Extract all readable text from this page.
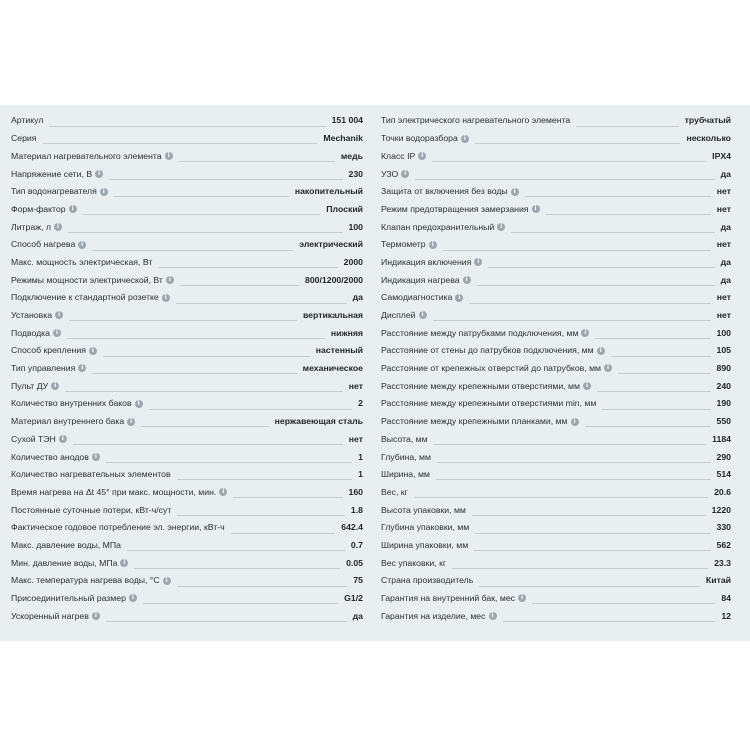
Артикул	151 004
Серия	Mechanik
Материал нагревательного элемента i	медь
Напряжение сети, В i	230
Тип водонагревателя i	накопительный
Форм-фактор i	Плоский
Литраж, л i	100
Способ нагрева i	электрический
Макс. мощность электрическая, Вт	2000
Режимы мощности электрической, Вт i	800/1200/2000
Подключение к стандартной розетке i	да
Установка i	вертикальная
Подводка i	нижняя
Способ крепления i	настенный
Тип управления i	механическое
Пульт ДУ i	нет
Количество внутренних баков i	2
Материал внутреннего бака i	нержавеющая сталь
Сухой ТЭН i	нет
Количество анодов i	1
Количество нагревательных элементов	1
Время нагрева на Δt 45° при макс. мощности, мин. i	160
Постоянные суточные потери, кВт-ч/сут	1.8
Фактическое годовое потребление эл. энергии, кВт-ч	642.4
Макс. давление воды, МПа	0.7
Мин. давление воды, МПа i	0.05
Макс. температура нагрева воды, °С i	75
Присоединительный размер i	G1/2
Ускоренный нагрев i	да
Тип электрического нагревательного элемента	трубчатый
Точки водоразбора i	несколько
Класс IP i	IPX4
УЗО i	да
Защита от включения без воды i	нет
Режим предотвращения замерзания i	нет
Клапан предохранительный i	да
Термометр i	нет
Индикация включения i	да
Индикация нагрева i	да
Самодиагностика i	нет
Дисплей i	нет
Расстояние между патрубками подключения, мм i	100
Расстояние от стены до патрубков подключения, мм i	105
Расстояние от крепежных отверстий до патрубков, мм i	890
Расстояние между крепежными отверстиями, мм i	240
Расстояние между крепежными отверстиями min, мм	190
Расстояние между крепежными планками, мм i	550
Высота, мм	1184
Глубина, мм	290
Ширина, мм	514
Вес, кг	20.6
Высота упаковки, мм	1220
Глубина упаковки, мм	330
Ширина упаковки, мм	562
Вес упаковки, кг	23.3
Страна производитель	Китай
Гарантия на внутренний бак, мес i	84
Гарантия на изделие, мес i	12
